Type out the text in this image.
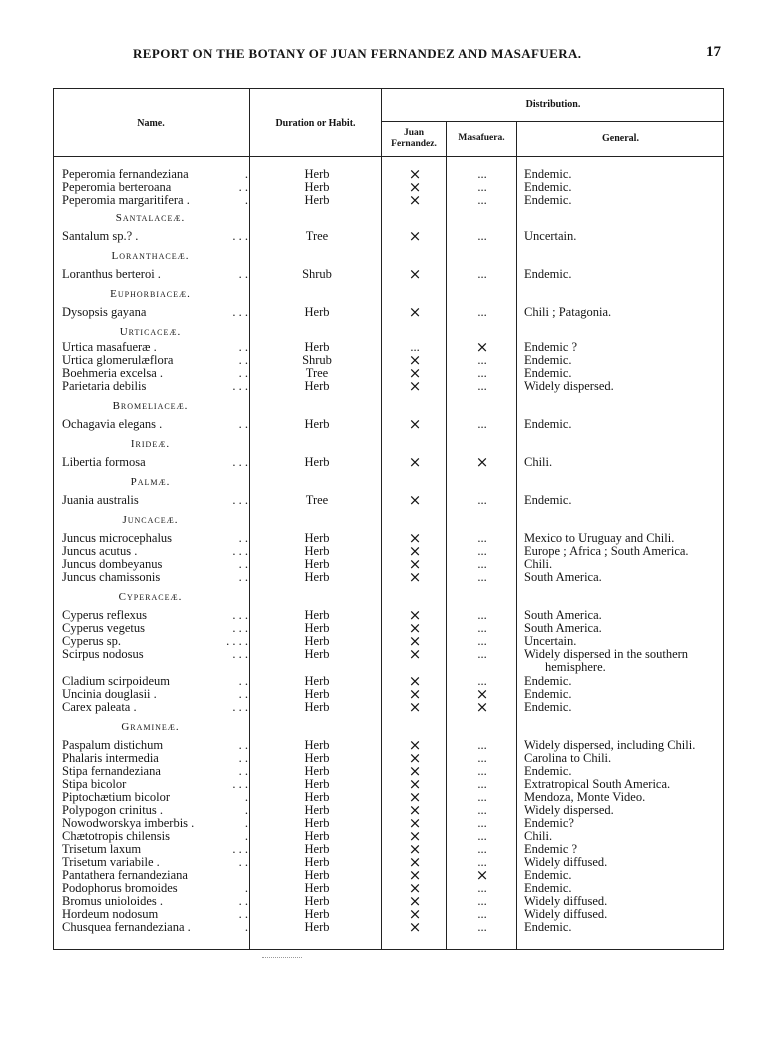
REPORT ON THE BOTANY OF JUAN FERNANDEZ AND MASAFUERA.	17
Name.	Duration or Habit.
Distribution.
Juan
Fernandez.
Masafuera.	General.
Peperomia fernandeziana	.	Herb	×	...	Endemic.
Peperomia berteroana	. .	Herb	×	...	Endemic.
Peperomia margaritifera .	.	Herb	×	...	Endemic.
Santalaceæ.
Santalum sp.? .	. . .	Tree	×	...	Uncertain.
Loranthaceæ.
Loranthus berteroi .	. .	Shrub	×	...	Endemic.
Euphorbiaceæ.
Dysopsis gayana	. . .	Herb	×	...	Chili ; Patagonia.
Urticaceæ.
Urtica masafueræ .	. .	Herb	...	×	Endemic ?
Urtica glomerulæflora	. .	Shrub	×	...	Endemic.
Boehmeria excelsa .	. .	Tree	×	...	Endemic.
Parietaria debilis	. . .	Herb	×	...	Widely dispersed.
Bromeliaceæ.
Ochagavia elegans .	. .	Herb	×	...	Endemic.
Irideæ.
Libertia formosa	. . .	Herb	×	×	Chili.
Palmæ.
Juania australis	. . .	Tree	×	...	Endemic.
Juncaceæ.
Juncus microcephalus	. .	Herb	×	...	Mexico to Uruguay and Chili.
Juncus acutus .	. . .	Herb	×	...	Europe ; Africa ; South America.
Juncus dombeyanus	. .	Herb	×	...	Chili.
Juncus chamissonis	. .	Herb	×	...	South America.
Cyperaceæ.
Cyperus reflexus	. . .	Herb	×	...	South America.
Cyperus vegetus	. . .	Herb	×	...	South America.
Cyperus sp.	. . . .	Herb	×	...	Uncertain.
Scirpus nodosus	. . .	Herb	×	...	Widely dispersed in the southern
hemisphere.
Cladium scirpoideum	. .	Herb	×	...	Endemic.
Uncinia douglasii .	. .	Herb	×	×	Endemic.
Carex paleata .	. . .	Herb	×	×	Endemic.
Gramineæ.
Paspalum distichum	. .	Herb	×	...	Widely dispersed, including Chili.
Phalaris intermedia	. .	Herb	×	...	Carolina to Chili.
Stipa fernandeziana	. .	Herb	×	...	Endemic.
Stipa bicolor	. . .	Herb	×	...	Extratropical South America.
Piptochætium bicolor	.	Herb	×	...	Mendoza, Monte Video.
Polypogon crinitus .	.	Herb	×	...	Widely dispersed.
Nowodworskya imberbis .	.	Herb	×	...	Endemic?
Chætotropis chilensis	.	Herb	×	...	Chili.
Trisetum laxum	. . .	Herb	×	...	Endemic ?
Trisetum variabile .	. .	Herb	×	...	Widely diffused.
Pantathera fernandeziana	Herb	×	×	Endemic.
Podophorus bromoides	.	Herb	×	...	Endemic.
Bromus unioloides .	. .	Herb	×	...	Widely diffused.
Hordeum nodosum	. .	Herb	×	...	Widely diffused.
Chusquea fernandeziana .	.	Herb	×	...	Endemic.
